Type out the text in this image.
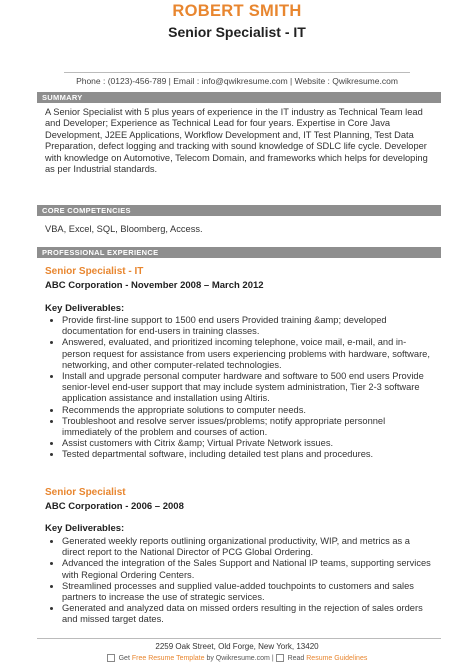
ROBERT SMITH
Senior Specialist - IT
Phone : (0123)-456-789 | Email : info@qwikresume.com | Website : Qwikresume.com
SUMMARY
A Senior Specialist with 5 plus years of experience in the IT industry as Technical Team lead and Developer; Experience as Technical Lead for four years. Expertise in Core Java Development, J2EE Applications, Workflow Development and, IT Test Planning, Test Data Preparation, defect logging and tracking with sound knowledge of SDLC life cycle. Developer with knowledge on Automotive, Telecom Domain, and frameworks which helps for developing as per Industrial standards.
CORE COMPETENCIES
VBA, Excel, SQL, Bloomberg, Access.
PROFESSIONAL EXPERIENCE
Senior Specialist - IT
ABC Corporation - November 2008 – March 2012
Key Deliverables:
• Provide first-line support to 1500 end users Provided training &amp; developed documentation for end-users in training classes.
• Answered, evaluated, and prioritized incoming telephone, voice mail, e-mail, and in-person request for assistance from users experiencing problems with hardware, software, networking, and other computer-related technologies.
• Install and upgrade personal computer hardware and software to 500 end users Provide senior-level end-user support that may include system administration, Tier 2-3 software application assistance and installation using Altiris.
• Recommends the appropriate solutions to computer needs.
• Troubleshoot and resolve server issues/problems; notify appropriate personnel immediately of the problem and courses of action.
• Assist customers with Citrix &amp; Virtual Private Network issues.
• Tested departmental software, including detailed test plans and procedures.
Senior Specialist
ABC Corporation - 2006 – 2008
Key Deliverables:
• Generated weekly reports outlining organizational productivity, WIP, and metrics as a direct report to the National Director of PCG Global Ordering.
• Advanced the integration of the Sales Support and National IP teams, supporting services with Regional Ordering Centers.
• Streamlined processes and supplied value-added touchpoints to customers and sales partners to increase the use of strategic services.
• Generated and analyzed data on missed orders resulting in the rejection of sales orders and missed target dates.
2259 Oak Street, Old Forge, New York, 13420
Get Free Resume Template by Qwikresume.com | Read Resume Guidelines
